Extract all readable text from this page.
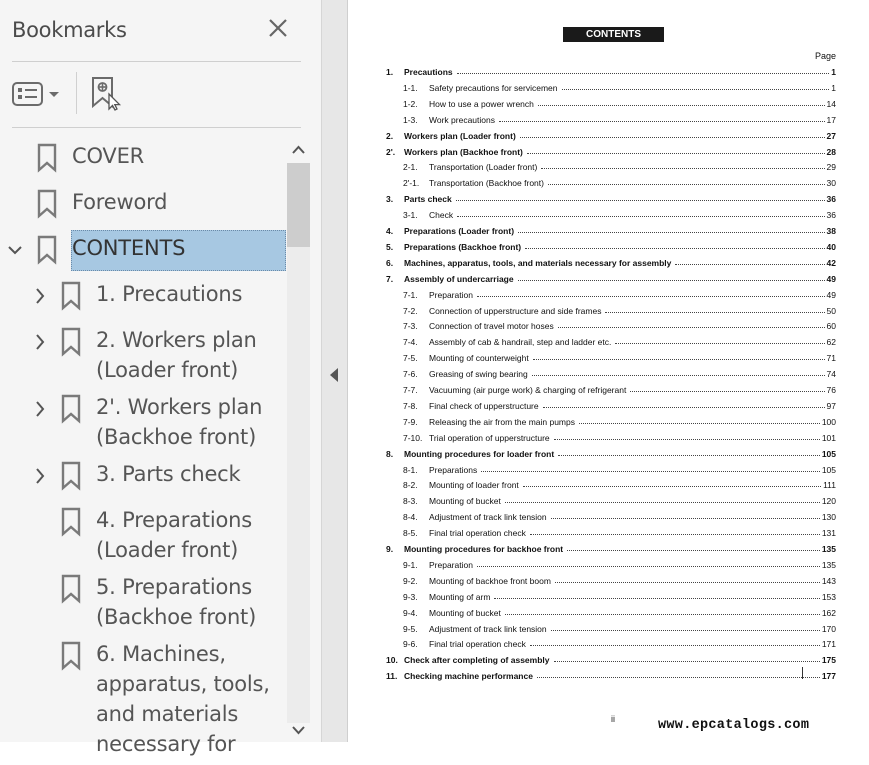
Bookmarks
COVER
Foreword
CONTENTS
1. Precautions
2. Workers plan
(Loader front)
2'. Workers plan
(Backhoe front)
3. Parts check
4. Preparations
(Loader front)
5. Preparations
(Backhoe front)
6. Machines,
apparatus, tools,
and materials
necessary for
CONTENTS
Page
1. Precautions	1
1-1. Safety precautions for servicemen	1
1-2. How to use a power wrench	14
1-3. Work precautions	17
2. Workers plan (Loader front)	27
2'. Workers plan (Backhoe front)	28
2-1. Transportation (Loader front)	29
2'-1. Transportation (Backhoe front)	30
3. Parts check	36
3-1. Check	36
4. Preparations (Loader front)	38
5. Preparations (Backhoe front)	40
6. Machines, apparatus, tools, and materials necessary for assembly	42
7. Assembly of undercarriage	49
7-1. Preparation	49
7-2. Connection of upperstructure and side frames	50
7-3. Connection of travel motor hoses	60
7-4. Assembly of cab & handrail, step and ladder etc.	62
7-5. Mounting of counterweight	71
7-6. Greasing of swing bearing	74
7-7. Vacuuming (air purge work) & charging of refrigerant	76
7-8. Final check of upperstructure	97
7-9. Releasing the air from the main pumps	100
7-10. Trial operation of upperstructure	101
8. Mounting procedures for loader front	105
8-1. Preparations	105
8-2. Mounting of loader front	111
8-3. Mounting of bucket	120
8-4. Adjustment of track link tension	130
8-5. Final trial operation check	131
9. Mounting procedures for backhoe front	135
9-1. Preparation	135
9-2. Mounting of backhoe front boom	143
9-3. Mounting of arm	153
9-4. Mounting of bucket	162
9-5. Adjustment of track link tension	170
9-6. Final trial operation check	171
10. Check after completing of assembly	175
11. Checking machine performance	177
ii	www.epcatalogs.com
